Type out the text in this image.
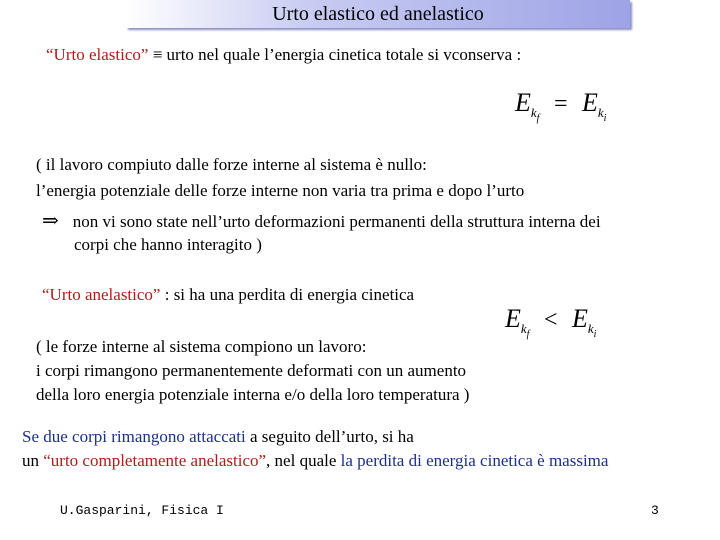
Urto elastico ed anelastico
“Urto elastico” ≡ urto nel quale l’energia cinetica totale si vconserva :
$E_{k_f} = E_{k_i}$
( il lavoro compiuto dalle forze interne al sistema è nullo:
l’energia potenziale delle forze interne non varia tra prima e dopo l’urto
⇒ non vi sono state nell’urto deformazioni permanenti della struttura interna dei
corpi che hanno interagito )
“Urto anelastico” : si ha una perdita di energia cinetica
$E_{k_f} < E_{k_i}$
( le forze interne al sistema compiono un lavoro:
i corpi rimangono permanentemente deformati con un aumento
della loro energia potenziale interna e/o della loro temperatura )
Se due corpi rimangono attaccati a seguito dell’urto, si ha
un “urto completamente anelastico”, nel quale la perdita di energia cinetica è massima
U.Gasparini, Fisica I	3
